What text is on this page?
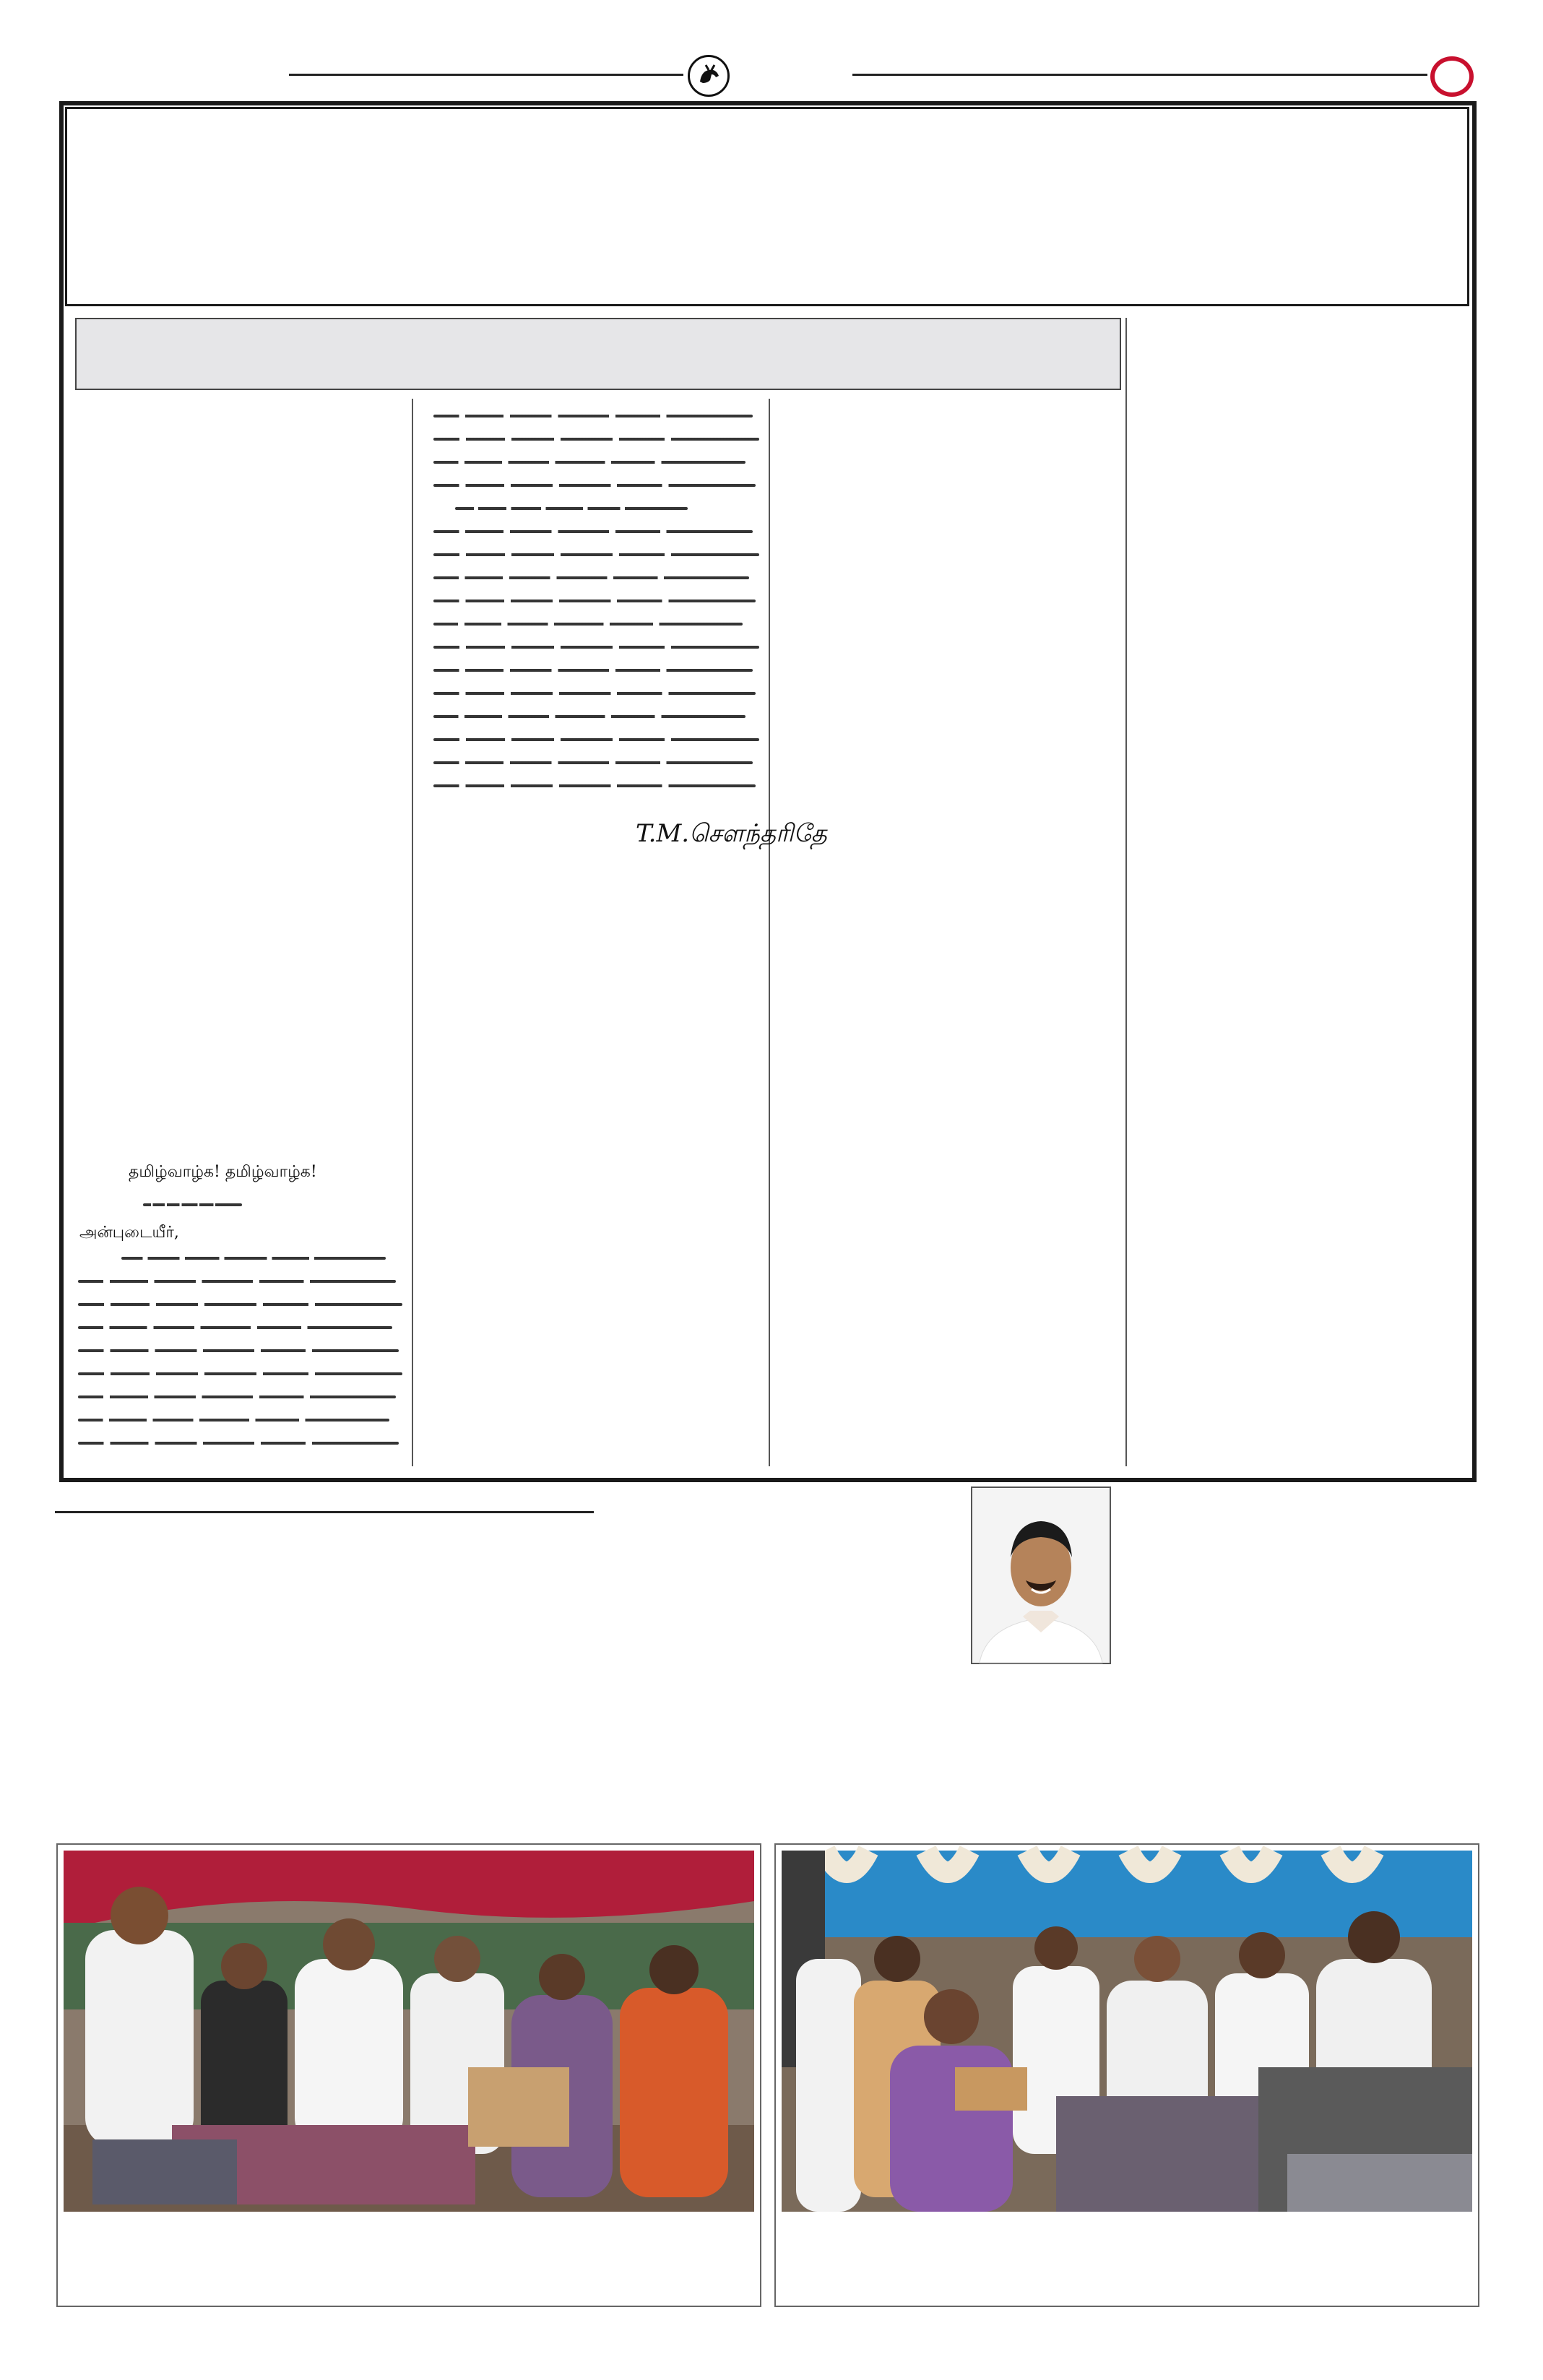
T.M.சௌந்தரிதே
தமிழ்வாழ்க! தமிழ்வாழ்க!
அன்புடையீர்,
